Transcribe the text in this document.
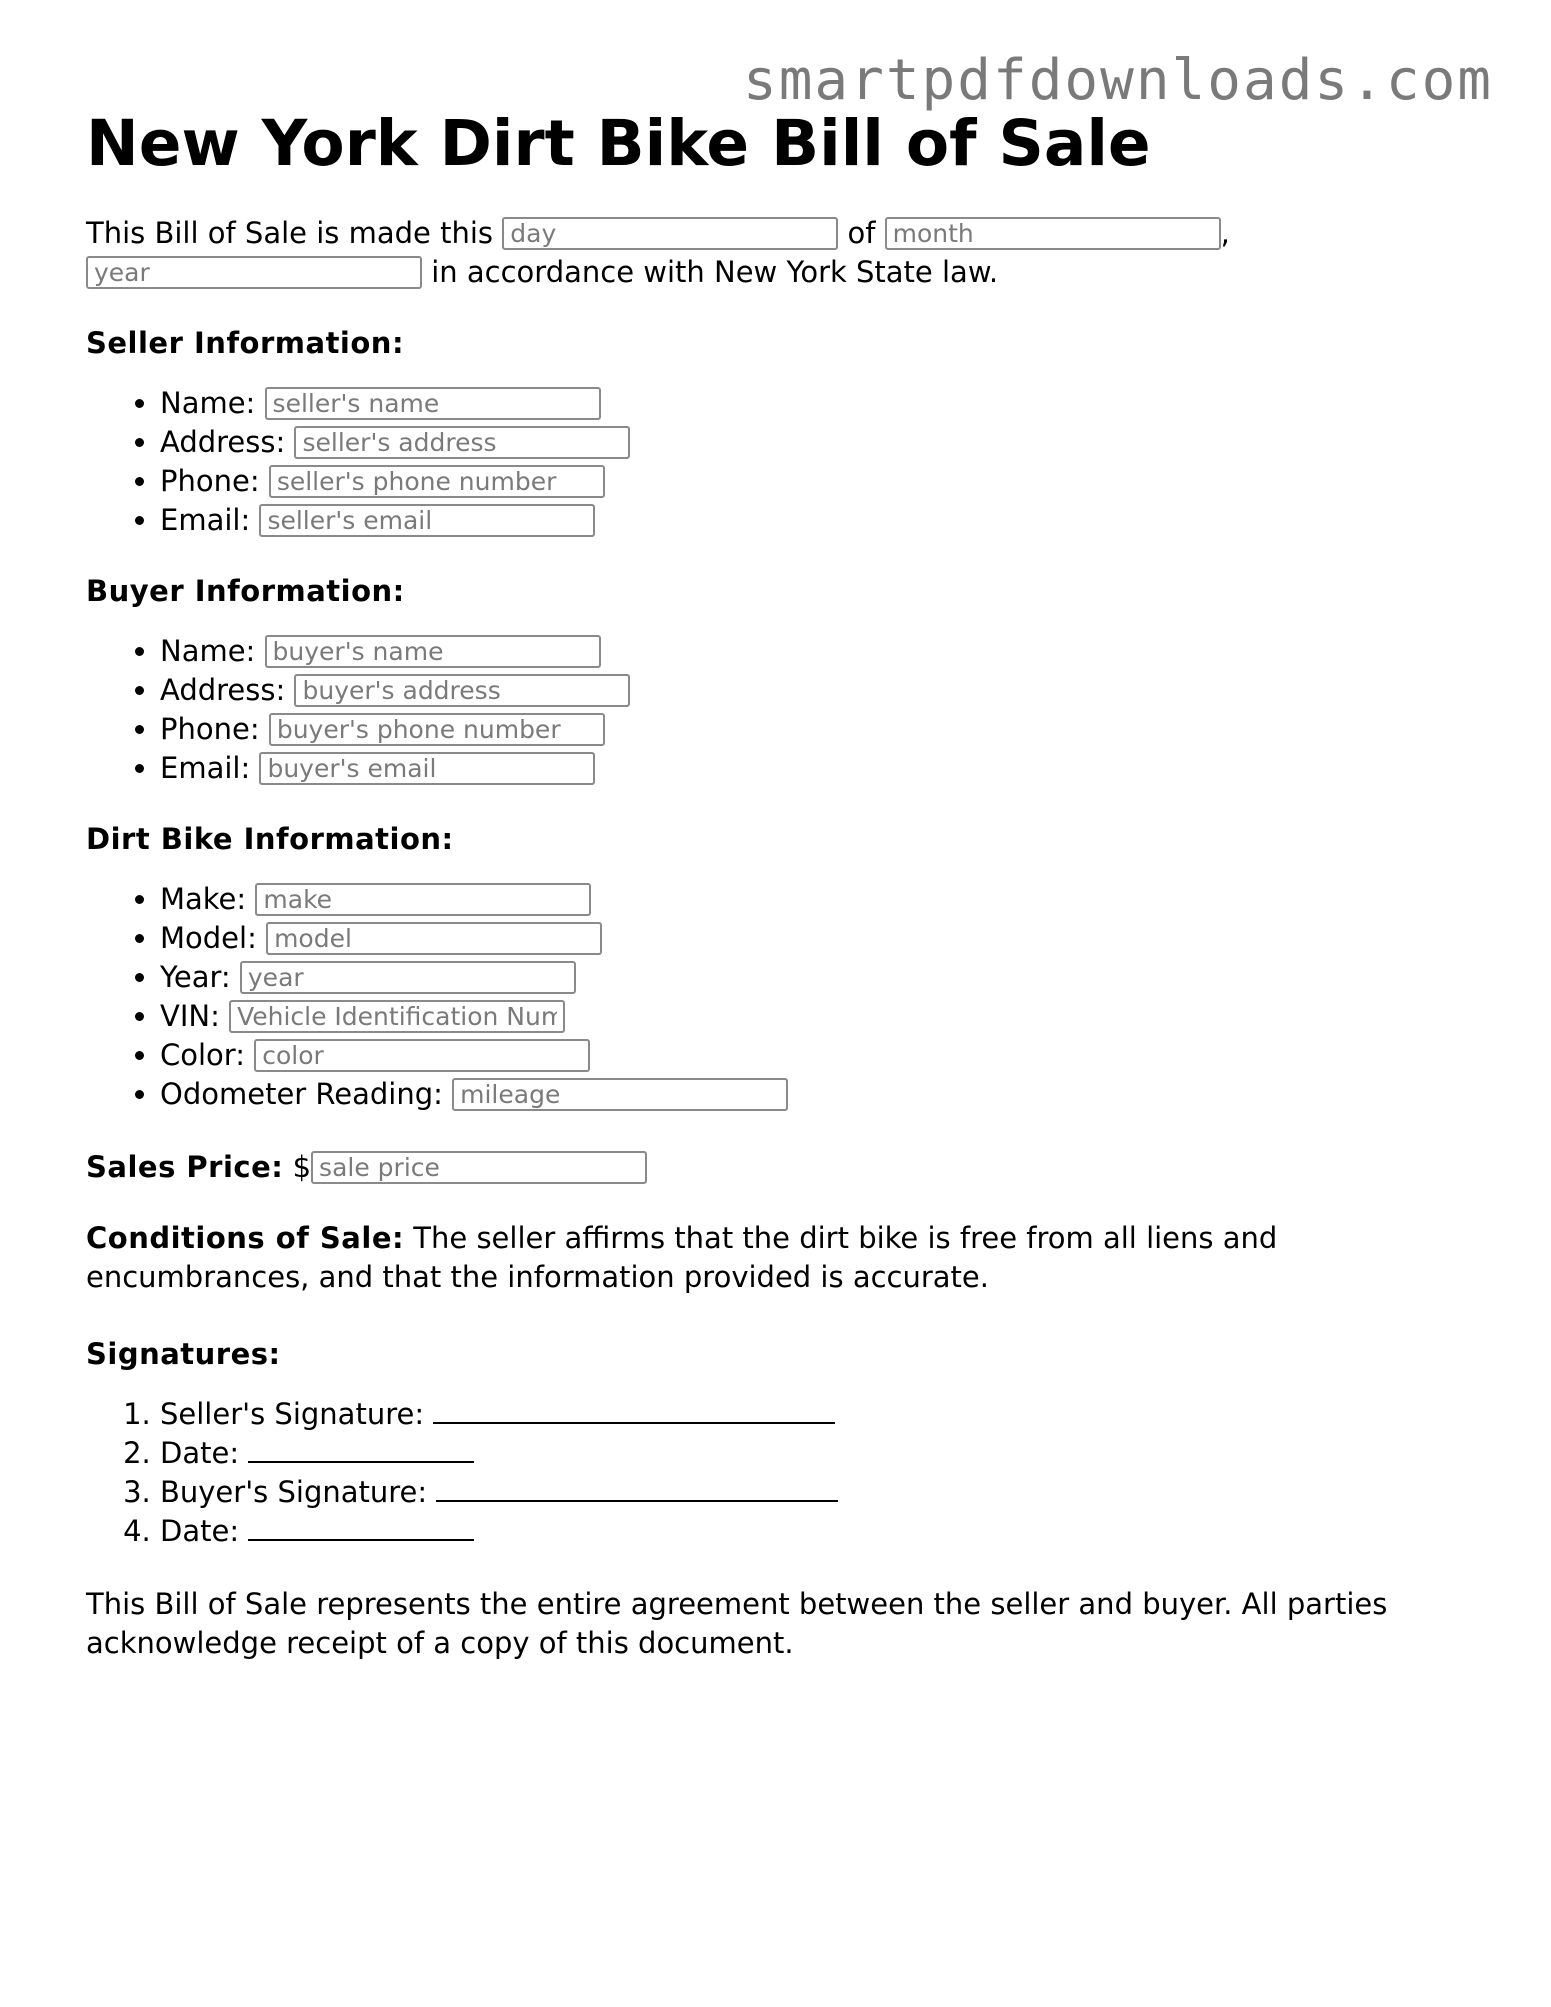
smartpdfdownloads.com
New York Dirt Bike Bill of Sale

This Bill of Sale is made this day	of month	,
year in accordance with New York State law.

Seller Information:
• Name: seller's name
• Address: seller's address
• Phone: seller's phone number
• Email: seller's email
Buyer Information:
• Name: buyer's name
• Address: buyer's address
• Phone: buyer's phone number
• Email: buyer's email
Dirt Bike Information:
• Make: make
• Model: model
• Year: year
• VIN: Vehicle Identification Number
• Color: color
• Odometer Reading: mileage

Sales Price: $sale price

Conditions of Sale: The seller affirms that the dirt bike is free from all liens and encumbrances, and that the information provided is accurate.

Signatures:
1. Seller's Signature:
2. Date:
3. Buyer's Signature:
4. Date:

This Bill of Sale represents the entire agreement between the seller and buyer. All parties acknowledge receipt of a copy of this document.
